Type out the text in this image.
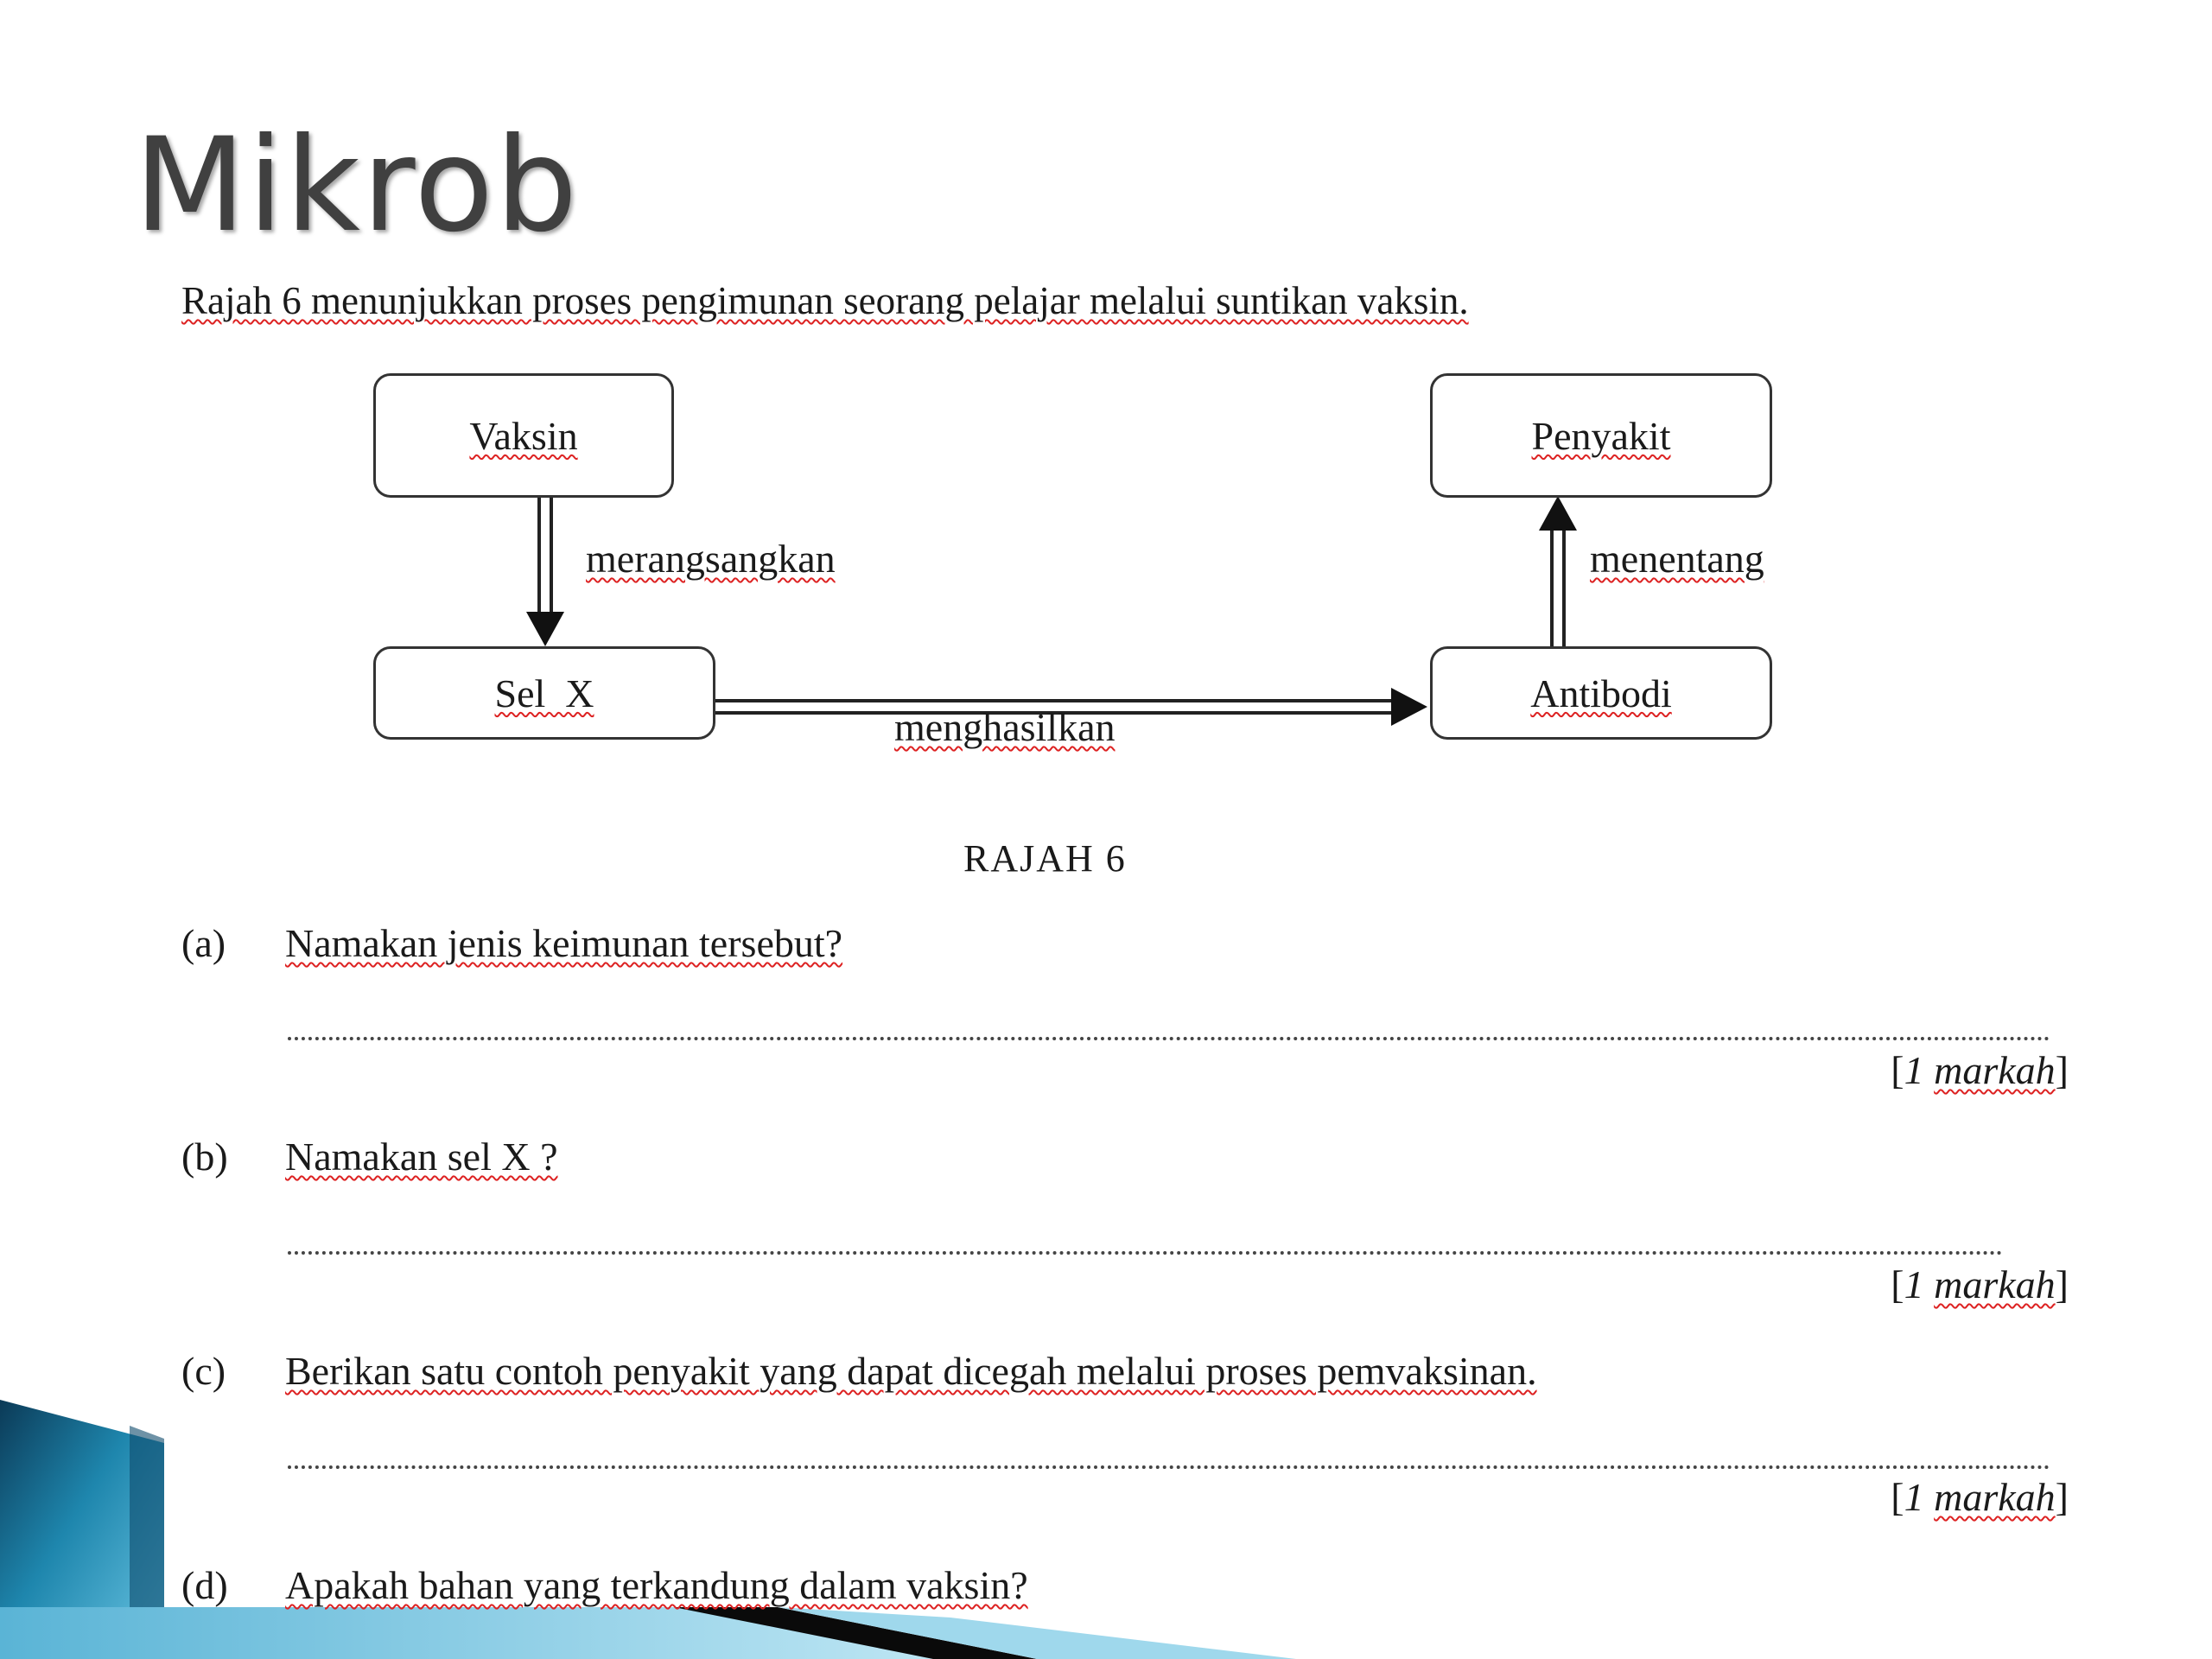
Mikrob
Rajah 6 menunjukkan proses pengimunan seorang pelajar melalui suntikan vaksin.
Vaksin	Penyakit
Sel  X	Antibodi
merangsangkan
menghasilkan
menentang
RAJAH 6
(a) Namakan jenis keimunan tersebut?
[1 markah]
(b) Namakan sel X ?
[1 markah]
(c) Berikan satu contoh penyakit yang dapat dicegah melalui proses pemvaksinan.
[1 markah]
(d) Apakah bahan yang terkandung dalam vaksin?
